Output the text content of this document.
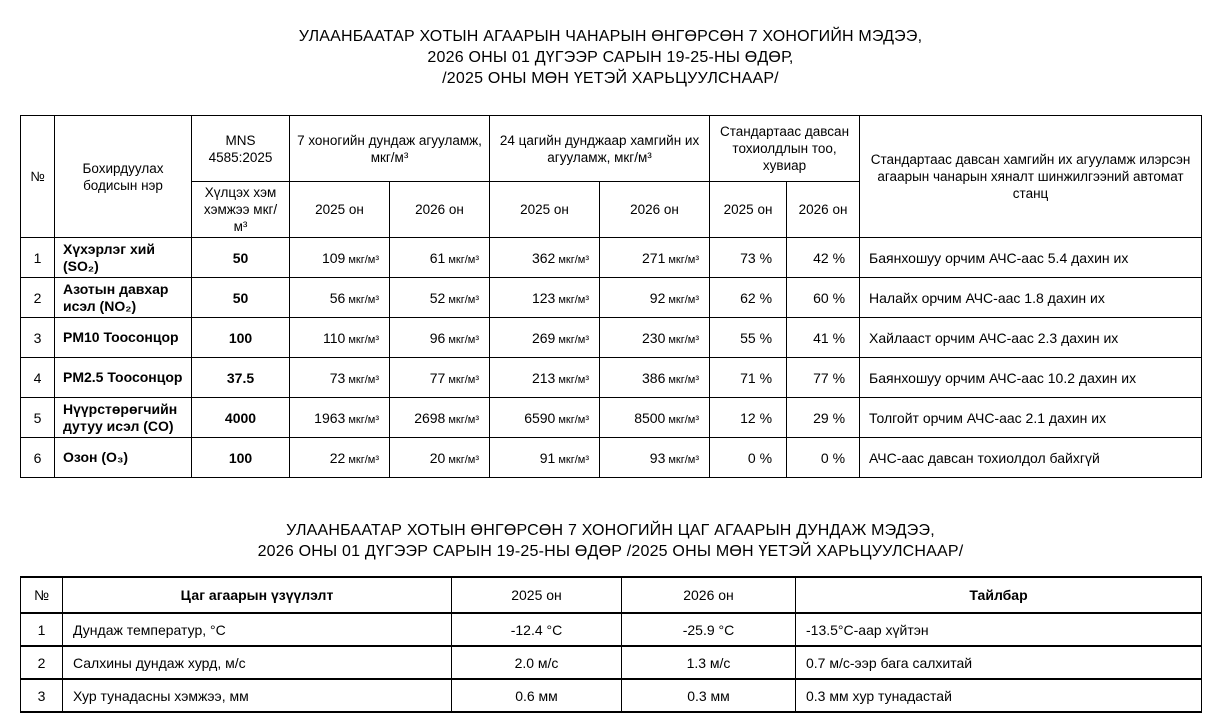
УЛААНБААТАР ХОТЫН АГААРЫН ЧАНАРЫН ӨНГӨРСӨН 7 ХОНОГИЙН МЭДЭЭ,
2026 ОНЫ 01 ДҮГЭЭР САРЫН 19-25-НЫ ӨДӨР,
/2025 ОНЫ МӨН ҮЕТЭЙ ХАРЬЦУУЛСНААР/
№	Бохирдуулах бодисын нэр	MNS 4585:2025	7 хоногийн дундаж агууламж, мкг/м³		24 цагийн дунджаар хамгийн их агууламж, мкг/м³		Стандартаас давсан тохиолдлын тоо, хувиар		Стандартаас давсан хамгийн их агууламж илэрсэн агаарын чанарын хяналт шинжилгээний автомат станц
		Хүлцэх хэм хэмжээ мкг/м³	2025 он	2026 он	2025 он	2026 он	2025 он	2026 он	
1	Хүхэрлэг хий (SO₂)	50	109 мкг/м³	61 мкг/м³	362 мкг/м³	271 мкг/м³	73 %	42 %	Баянхошуу орчим АЧС-аас 5.4 дахин их
2	Азотын давхар исэл (NO₂)	50	56 мкг/м³	52 мкг/м³	123 мкг/м³	92 мкг/м³	62 %	60 %	Налайх орчим АЧС-аас 1.8 дахин их
3	PM10 Тоосонцор	100	110 мкг/м³	96 мкг/м³	269 мкг/м³	230 мкг/м³	55 %	41 %	Хайлааст орчим АЧС-аас 2.3 дахин их
4	PM2.5 Тоосонцор	37.5	73 мкг/м³	77 мкг/м³	213 мкг/м³	386 мкг/м³	71 %	77 %	Баянхошуу орчим АЧС-аас 10.2 дахин их
5	Нүүрстөрөгчийн дутуу исэл (CO)	4000	1963 мкг/м³	2698 мкг/м³	6590 мкг/м³	8500 мкг/м³	12 %	29 %	Толгойт орчим АЧС-аас 2.1 дахин их
6	Озон (O₃)	100	22 мкг/м³	20 мкг/м³	91 мкг/м³	93 мкг/м³	0 %	0 %	АЧС-аас давсан тохиолдол байхгүй
УЛААНБААТАР ХОТЫН ӨНГӨРСӨН 7 ХОНОГИЙН ЦАГ АГААРЫН ДУНДАЖ МЭДЭЭ,
2026 ОНЫ 01 ДҮГЭЭР САРЫН 19-25-НЫ ӨДӨР /2025 ОНЫ МӨН ҮЕТЭЙ ХАРЬЦУУЛСНААР/
№	Цаг агаарын үзүүлэлт	2025 он	2026 он	Тайлбар
1	Дундаж температур, °C	-12.4 °C	-25.9 °C	-13.5°C-аар хүйтэн
2	Салхины дундаж хурд, м/с	2.0 м/с	1.3 м/с	0.7 м/с-ээр бага салхитай
3	Хур тунадасны хэмжээ, мм	0.6 мм	0.3 мм	0.3 мм хур тунадастай
